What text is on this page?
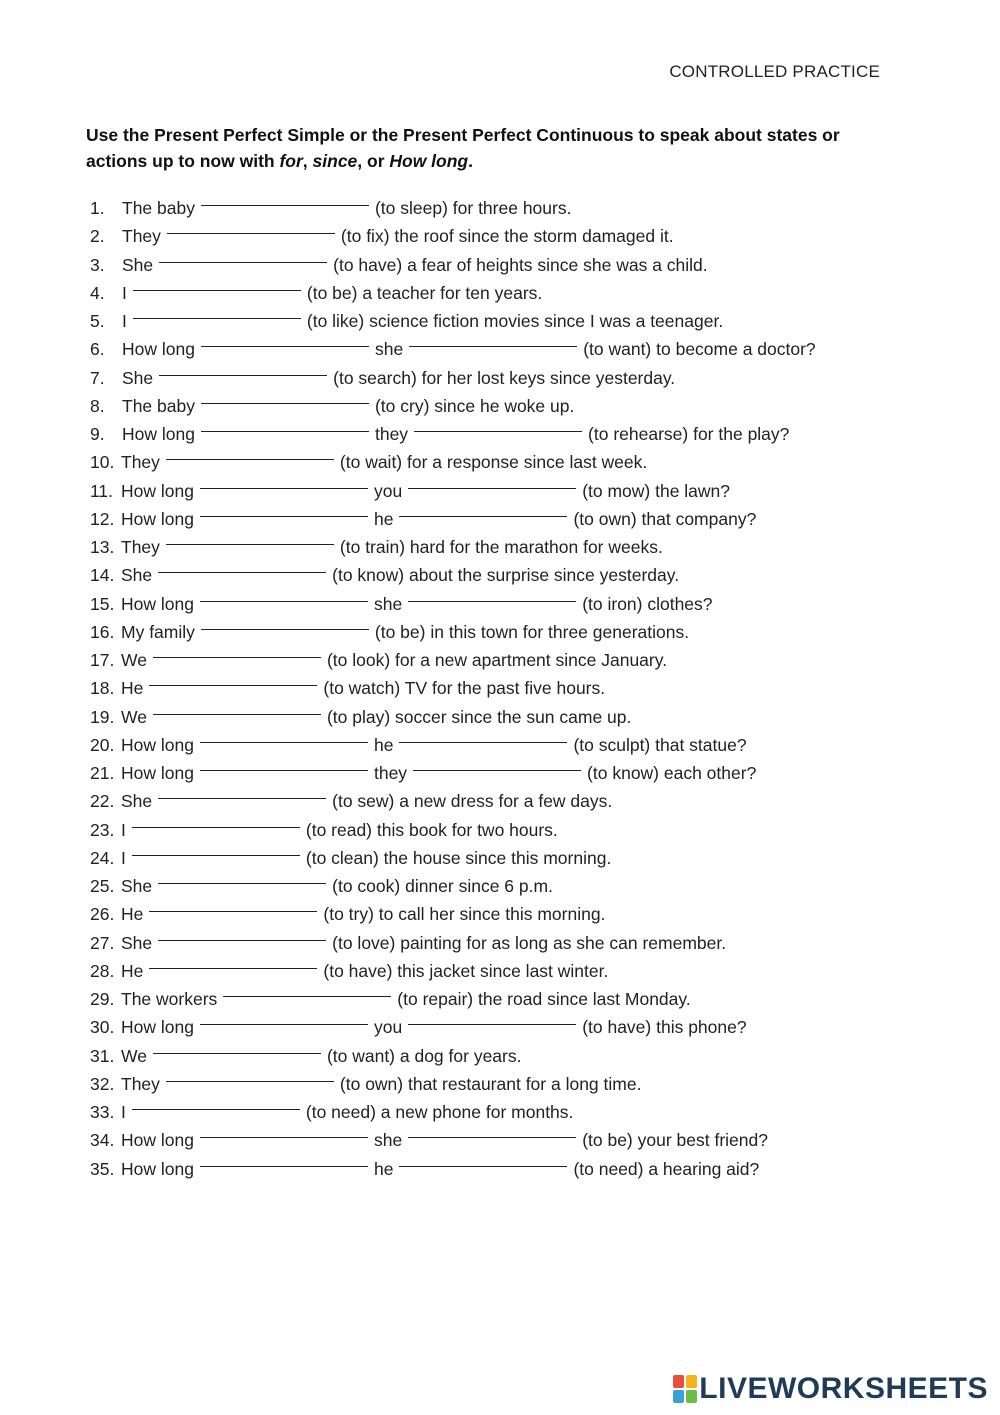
CONTROLLED PRACTICE
Use the Present Perfect Simple or the Present Perfect Continuous to speak about states or actions up to now with for, since, or How long.
1. The baby	(to sleep) for three hours.
2. They	(to fix) the roof since the storm damaged it.
3. She	(to have) a fear of heights since she was a child.
4. I	(to be) a teacher for ten years.
5. I	(to like) science fiction movies since I was a teenager.
6. How long	she	(to want) to become a doctor?
7. She	(to search) for her lost keys since yesterday.
8. The baby	(to cry) since he woke up.
9. How long	they	(to rehearse) for the play?
10. They	(to wait) for a response since last week.
11. How long	you	(to mow) the lawn?
12. How long	he	(to own) that company?
13. They	(to train) hard for the marathon for weeks.
14. She	(to know) about the surprise since yesterday.
15. How long	she	(to iron) clothes?
16. My family	(to be) in this town for three generations.
17. We	(to look) for a new apartment since January.
18. He	(to watch) TV for the past five hours.
19. We	(to play) soccer since the sun came up.
20. How long	he	(to sculpt) that statue?
21. How long	they	(to know) each other?
22. She	(to sew) a new dress for a few days.
23. I	(to read) this book for two hours.
24. I	(to clean) the house since this morning.
25. She	(to cook) dinner since 6 p.m.
26. He	(to try) to call her since this morning.
27. She	(to love) painting for as long as she can remember.
28. He	(to have) this jacket since last winter.
29. The workers	(to repair) the road since last Monday.
30. How long	you	(to have) this phone?
31. We	(to want) a dog for years.
32. They	(to own) that restaurant for a long time.
33. I	(to need) a new phone for months.
34. How long	she	(to be) your best friend?
35. How long	he	(to need) a hearing aid?
LIVEWORKSHEETS
